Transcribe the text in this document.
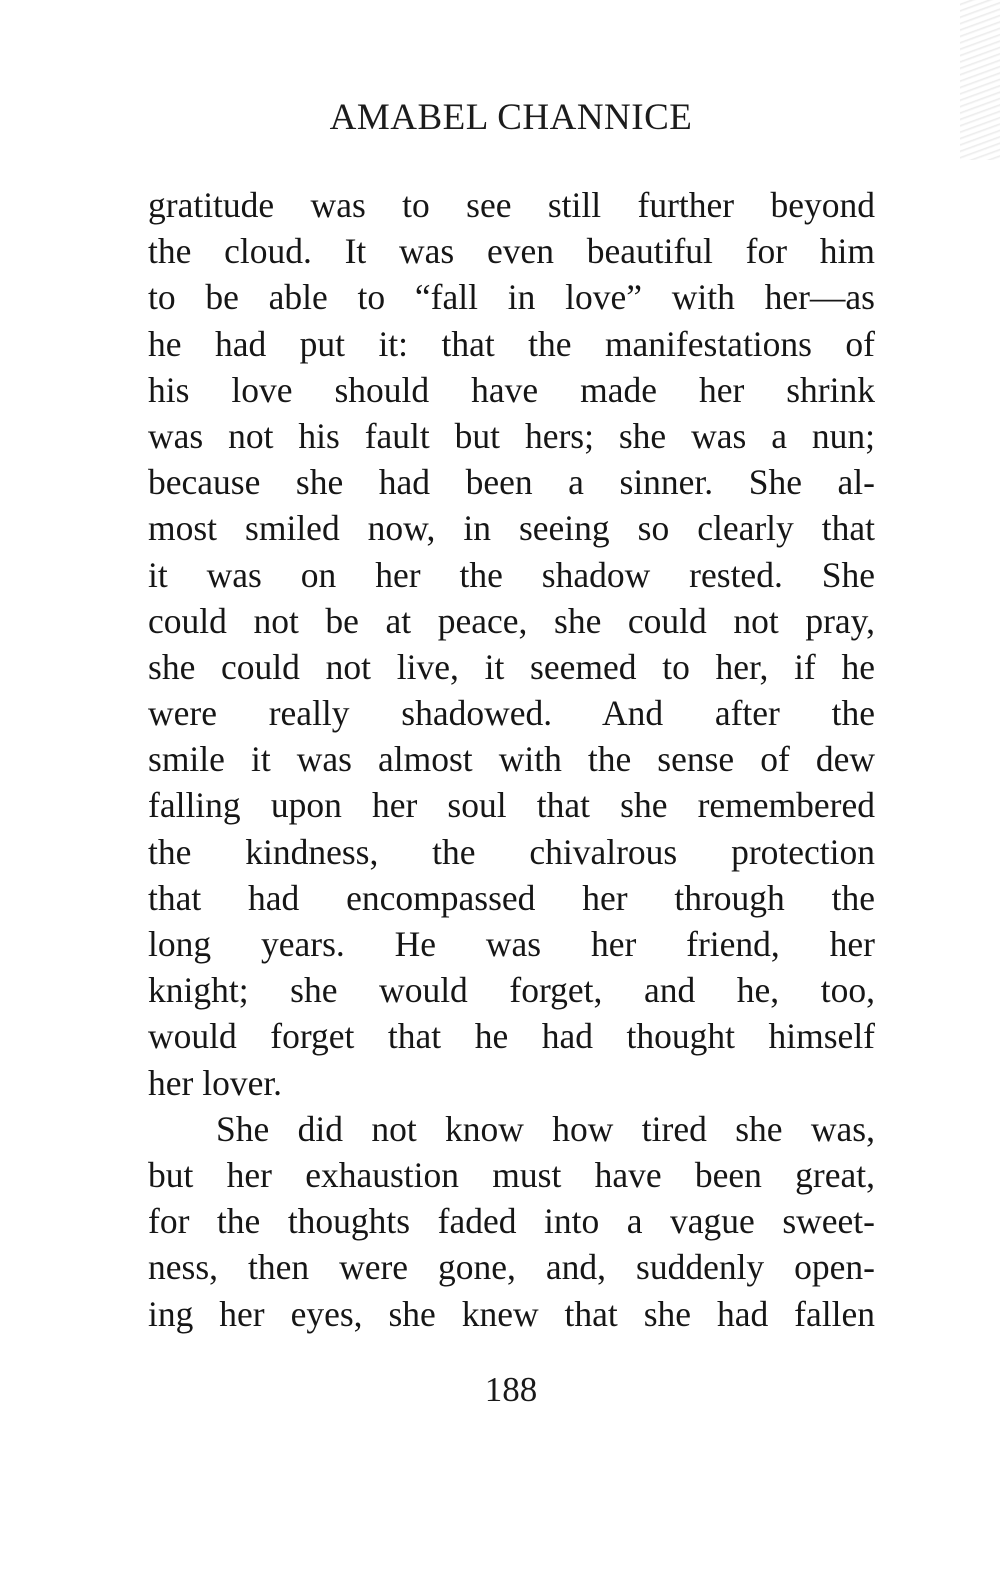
AMABEL CHANNICE
gratitude was to see still further beyond
the cloud. It was even beautiful for him
to be able to “fall in love” with her—as
he had put it: that the manifestations of
his love should have made her shrink
was not his fault but hers; she was a nun;
because she had been a sinner. She al-
most smiled now, in seeing so clearly that
it was on her the shadow rested. She
could not be at peace, she could not pray,
she could not live, it seemed to her, if he
were really shadowed. And after the
smile it was almost with the sense of dew
falling upon her soul that she remembered
the kindness, the chivalrous protection
that had encompassed her through the
long years. He was her friend, her
knight; she would forget, and he, too,
would forget that he had thought himself
her lover.
She did not know how tired she was,
but her exhaustion must have been great,
for the thoughts faded into a vague sweet-
ness, then were gone, and, suddenly open-
ing her eyes, she knew that she had fallen
188
